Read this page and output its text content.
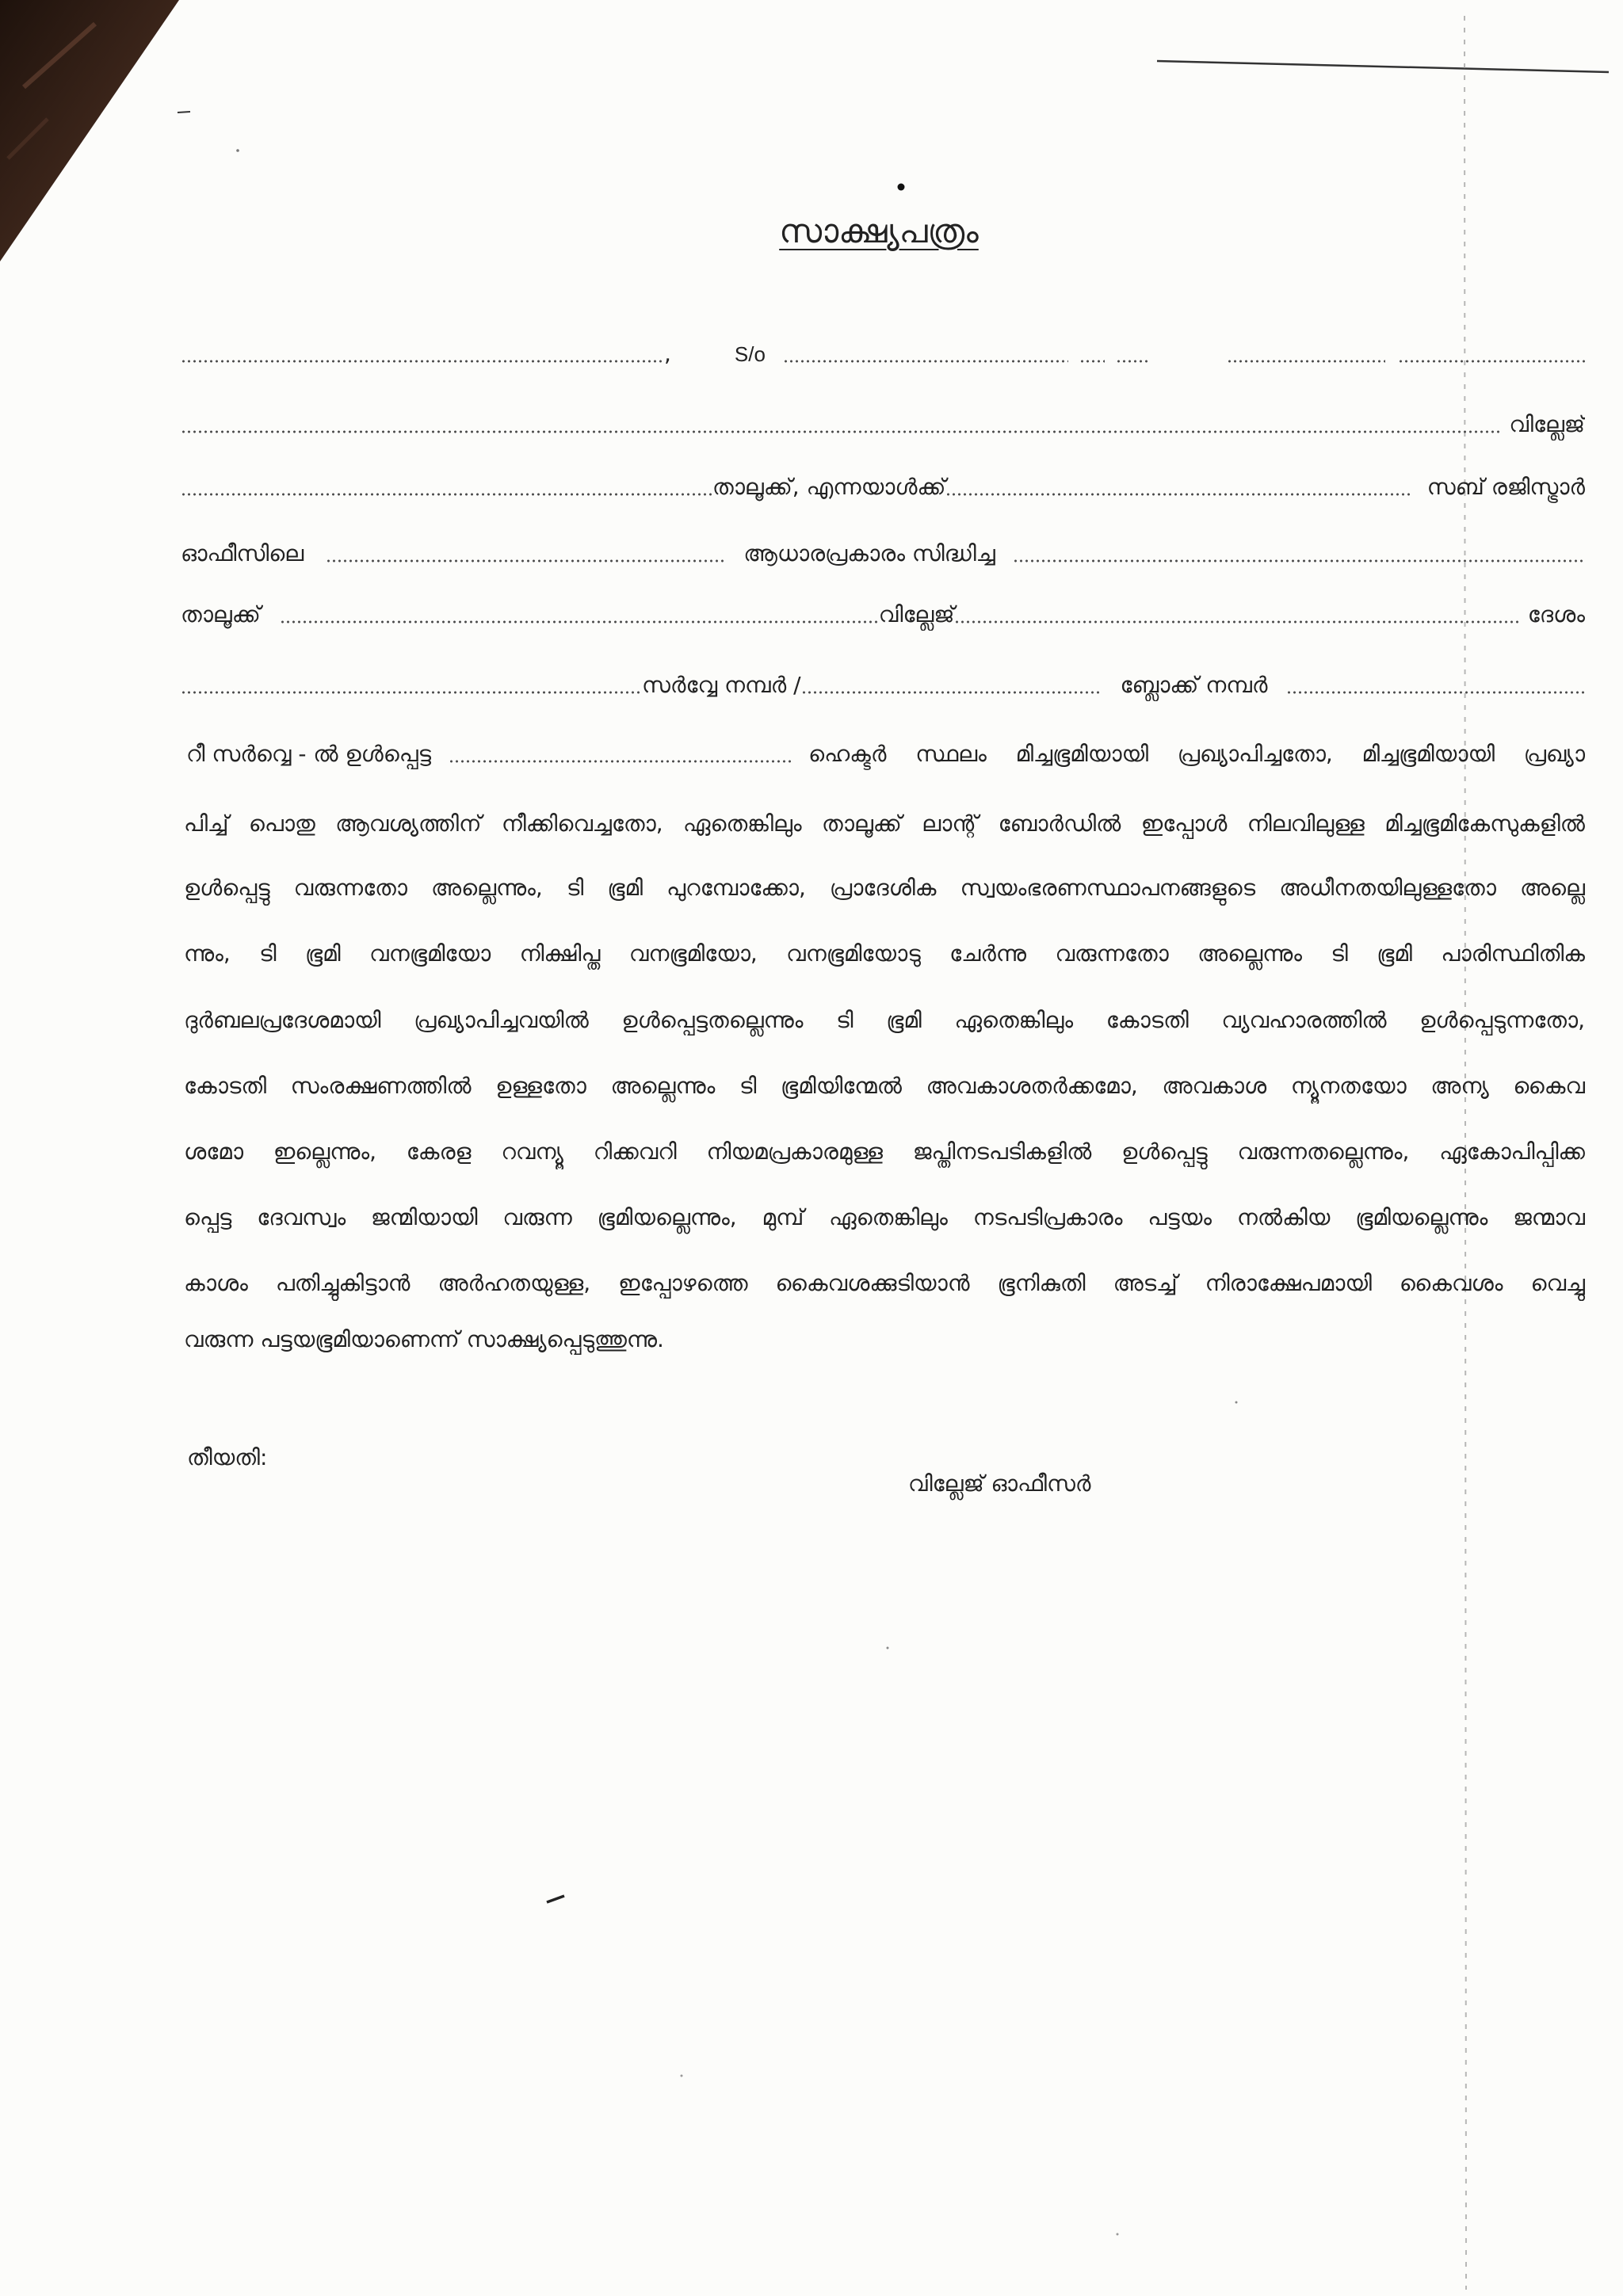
സാക്ഷ്യപത്രം
,	S/o
വില്ലേജ്
താലൂക്ക്, എന്നയാൾക്ക്	സബ് രജിസ്ട്രാർ
ഓഫീസിലെ	ആധാരപ്രകാരം സിദ്ധിച്ച
താലൂക്ക്	വില്ലേജ്	ദേശം
സർവ്വേ നമ്പർ /	ബ്ലോക്ക് നമ്പർ
റീ സർവ്വെ - ൽ ഉൾപ്പെട്ട	ഹെക്ടർ സ്ഥലം മിച്ചഭൂമിയായി പ്രഖ്യാപിച്ചതോ, മിച്ചഭൂമിയായി പ്രഖ്യാ
പിച്ച് പൊതു ആവശ്യത്തിന് നീക്കിവെച്ചതോ, ഏതെങ്കിലും താലൂക്ക് ലാന്റ് ബോർഡിൽ ഇപ്പോൾ നിലവിലുള്ള മിച്ചഭൂമികേസുകളിൽ
ഉൾപ്പെട്ടു വരുന്നതോ അല്ലെന്നും, ടി ഭൂമി പുറമ്പോക്കോ, പ്രാദേശിക സ്വയംഭരണസ്ഥാപനങ്ങളുടെ അധീനതയിലുള്ളതോ അല്ലെ
ന്നും, ടി ഭൂമി വനഭൂമിയോ നിക്ഷിപ്ത വനഭൂമിയോ, വനഭൂമിയോടു ചേർന്നു വരുന്നതോ അല്ലെന്നും ടി ഭൂമി പാരിസ്ഥിതിക
ദുർബലപ്രദേശമായി പ്രഖ്യാപിച്ചവയിൽ ഉൾപ്പെട്ടതല്ലെന്നും ടി ഭൂമി ഏതെങ്കിലും കോടതി വ്യവഹാരത്തിൽ ഉൾപ്പെടുന്നതോ,
കോടതി സംരക്ഷണത്തിൽ ഉള്ളതോ അല്ലെന്നും ടി ഭൂമിയിന്മേൽ അവകാശതർക്കമോ, അവകാശ ന്യൂനതയോ അന്യ കൈവ
ശമോ ഇല്ലെന്നും, കേരള റവന്യൂ റിക്കവറി നിയമപ്രകാരമുള്ള ജപ്തിനടപടികളിൽ ഉൾപ്പെട്ടു വരുന്നതല്ലെന്നും, ഏകോപിപ്പിക്ക
പ്പെട്ട ദേവസ്വം ജന്മിയായി വരുന്ന ഭൂമിയല്ലെന്നും, മുമ്പ് ഏതെങ്കിലും നടപടിപ്രകാരം പട്ടയം നൽകിയ ഭൂമിയല്ലെന്നും ജന്മാവ
കാശം പതിച്ചുകിട്ടാൻ അർഹതയുള്ള, ഇപ്പോഴത്തെ കൈവശക്കുടിയാൻ ഭൂനികുതി അടച്ച് നിരാക്ഷേപമായി കൈവശം വെച്ചു
വരുന്ന പട്ടയഭൂമിയാണെന്ന് സാക്ഷ്യപ്പെടുത്തുന്നു.
തീയതി:
വില്ലേജ് ഓഫീസർ
